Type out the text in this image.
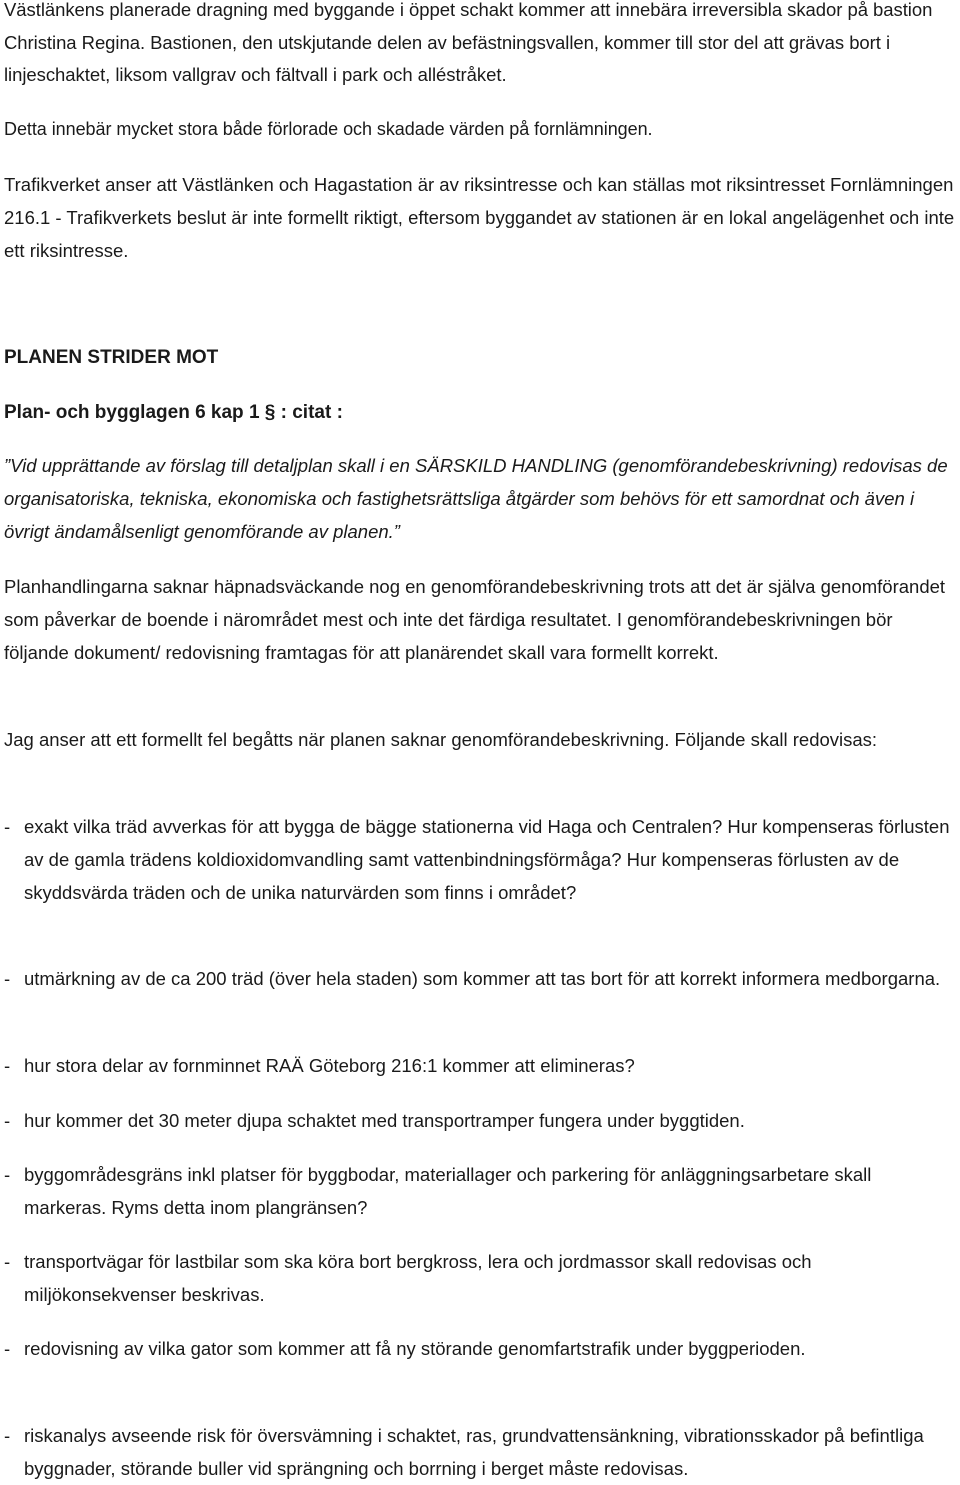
Västlänkens planerade dragning med byggande i öppet schakt kommer att innebära irreversibla skador på bastion Christina Regina. Bastionen, den utskjutande delen av befästningsvallen, kommer till stor del att grävas bort i linjeschaktet, liksom vallgrav och fältvall i park och alléstråket.

Detta innebär mycket stora både förlorade och skadade värden på fornlämningen.

Trafikverket anser att Västlänken och Hagastation är av riksintresse och kan ställas mot riksintresset Fornlämningen 216.1 - Trafikverkets beslut är inte formellt riktigt, eftersom byggandet av stationen är en lokal angelägenhet och inte ett riksintresse.

PLANEN STRIDER MOT

Plan- och bygglagen 6 kap 1 § : citat :

”Vid upprättande av förslag till detaljplan skall i en SÄRSKILD HANDLING (genomförandebeskrivning) redovisas de organisatoriska, tekniska, ekonomiska och fastighetsrättsliga åtgärder som behövs för ett samordnat och även i övrigt ändamålsenligt genomförande av planen.”

Planhandlingarna saknar häpnadsväckande nog en genomförandebeskrivning trots att det är själva genomförandet som påverkar de boende i närområdet mest och inte det färdiga resultatet. I genomförandebeskrivningen bör följande dokument/ redovisning framtagas för att planärendet skall vara formellt korrekt.

Jag anser att ett formellt fel begåtts när planen saknar genomförandebeskrivning. Följande skall redovisas:

- exakt vilka träd avverkas för att bygga de bägge stationerna vid Haga och Centralen? Hur kompenseras förlusten av de gamla trädens koldioxidomvandling samt vattenbindningsförmåga? Hur kompenseras förlusten av de skyddsvärda träden och de unika naturvärden som finns i området?
- utmärkning av de ca 200 träd (över hela staden) som kommer att tas bort för att korrekt informera medborgarna.
- hur stora delar av fornminnet RAÄ Göteborg 216:1 kommer att elimineras?
- hur kommer det 30 meter djupa schaktet med transportramper fungera under byggtiden.
- byggområdesgräns inkl platser för byggbodar, materiallager och parkering för anläggningsarbetare skall markeras. Ryms detta inom plangränsen?
- transportvägar för lastbilar som ska köra bort bergkross, lera och jordmassor skall redovisas och miljökonsekvenser beskrivas.
- redovisning av vilka gator som kommer att få ny störande genomfartstrafik under byggperioden.
- riskanalys avseende risk för översvämning i schaktet, ras, grundvattensänkning, vibrationsskador på befintliga byggnader, störande buller vid sprängning och borrning i berget måste redovisas.
